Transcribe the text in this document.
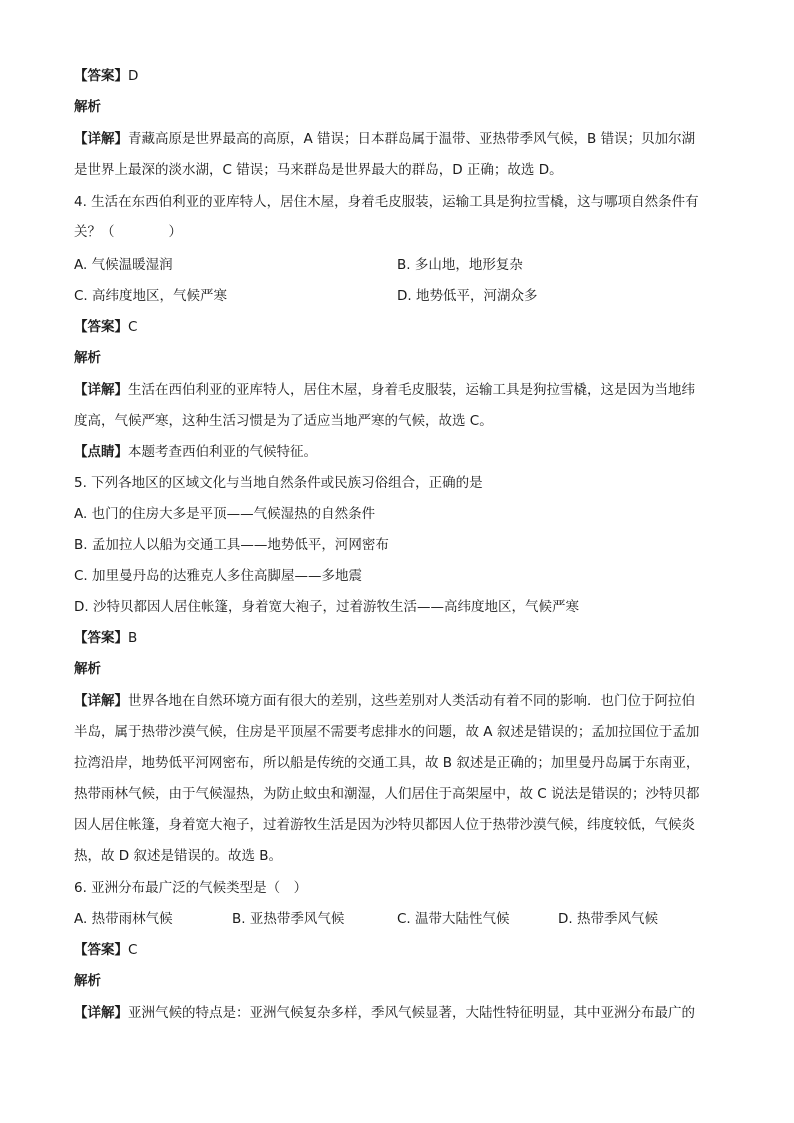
【答案】D
解析
【详解】青藏高原是世界最高的高原，A 错误；日本群岛属于温带、亚热带季风气候，B 错误；贝加尔湖
是世界上最深的淡水湖，C 错误；马来群岛是世界最大的群岛，D 正确；故选 D。
4. 生活在东西伯利亚的亚库特人，居住木屋，身着毛皮服装，运输工具是狗拉雪橇，这与哪项自然条件有
关？（　　　　）
A. 气候温暖湿润	B. 多山地，地形复杂
C. 高纬度地区，气候严寒	D. 地势低平，河湖众多
【答案】C
解析
【详解】生活在西伯利亚的亚库特人，居住木屋，身着毛皮服装，运输工具是狗拉雪橇，这是因为当地纬
度高，气候严寒，这种生活习惯是为了适应当地严寒的气候，故选 C。
【点睛】本题考查西伯利亚的气候特征。
5. 下列各地区的区域文化与当地自然条件或民族习俗组合，正确的是
A. 也门的住房大多是平顶——气候湿热的自然条件
B. 孟加拉人以船为交通工具——地势低平，河网密布
C. 加里曼丹岛的达雅克人多住高脚屋——多地震
D. 沙特贝都因人居住帐篷，身着宽大袍子，过着游牧生活——高纬度地区，气候严寒
【答案】B
解析
【详解】世界各地在自然环境方面有很大的差别，这些差别对人类活动有着不同的影响．也门位于阿拉伯
半岛，属于热带沙漠气候，住房是平顶屋不需要考虑排水的问题，故 A 叙述是错误的；孟加拉国位于孟加
拉湾沿岸，地势低平河网密布，所以船是传统的交通工具，故 B 叙述是正确的；加里曼丹岛属于东南亚，
热带雨林气候，由于气候湿热，为防止蚊虫和潮湿，人们居住于高架屋中，故 C 说法是错误的；沙特贝都
因人居住帐篷，身着宽大袍子，过着游牧生活是因为沙特贝都因人位于热带沙漠气候，纬度较低，气候炎
热，故 D 叙述是错误的。故选 B。
6. 亚洲分布最广泛的气候类型是（　）
A. 热带雨林气候	B. 亚热带季风气候	C. 温带大陆性气候	D. 热带季风气候
【答案】C
解析
【详解】亚洲气候的特点是：亚洲气候复杂多样，季风气候显著，大陆性特征明显，其中亚洲分布最广的
